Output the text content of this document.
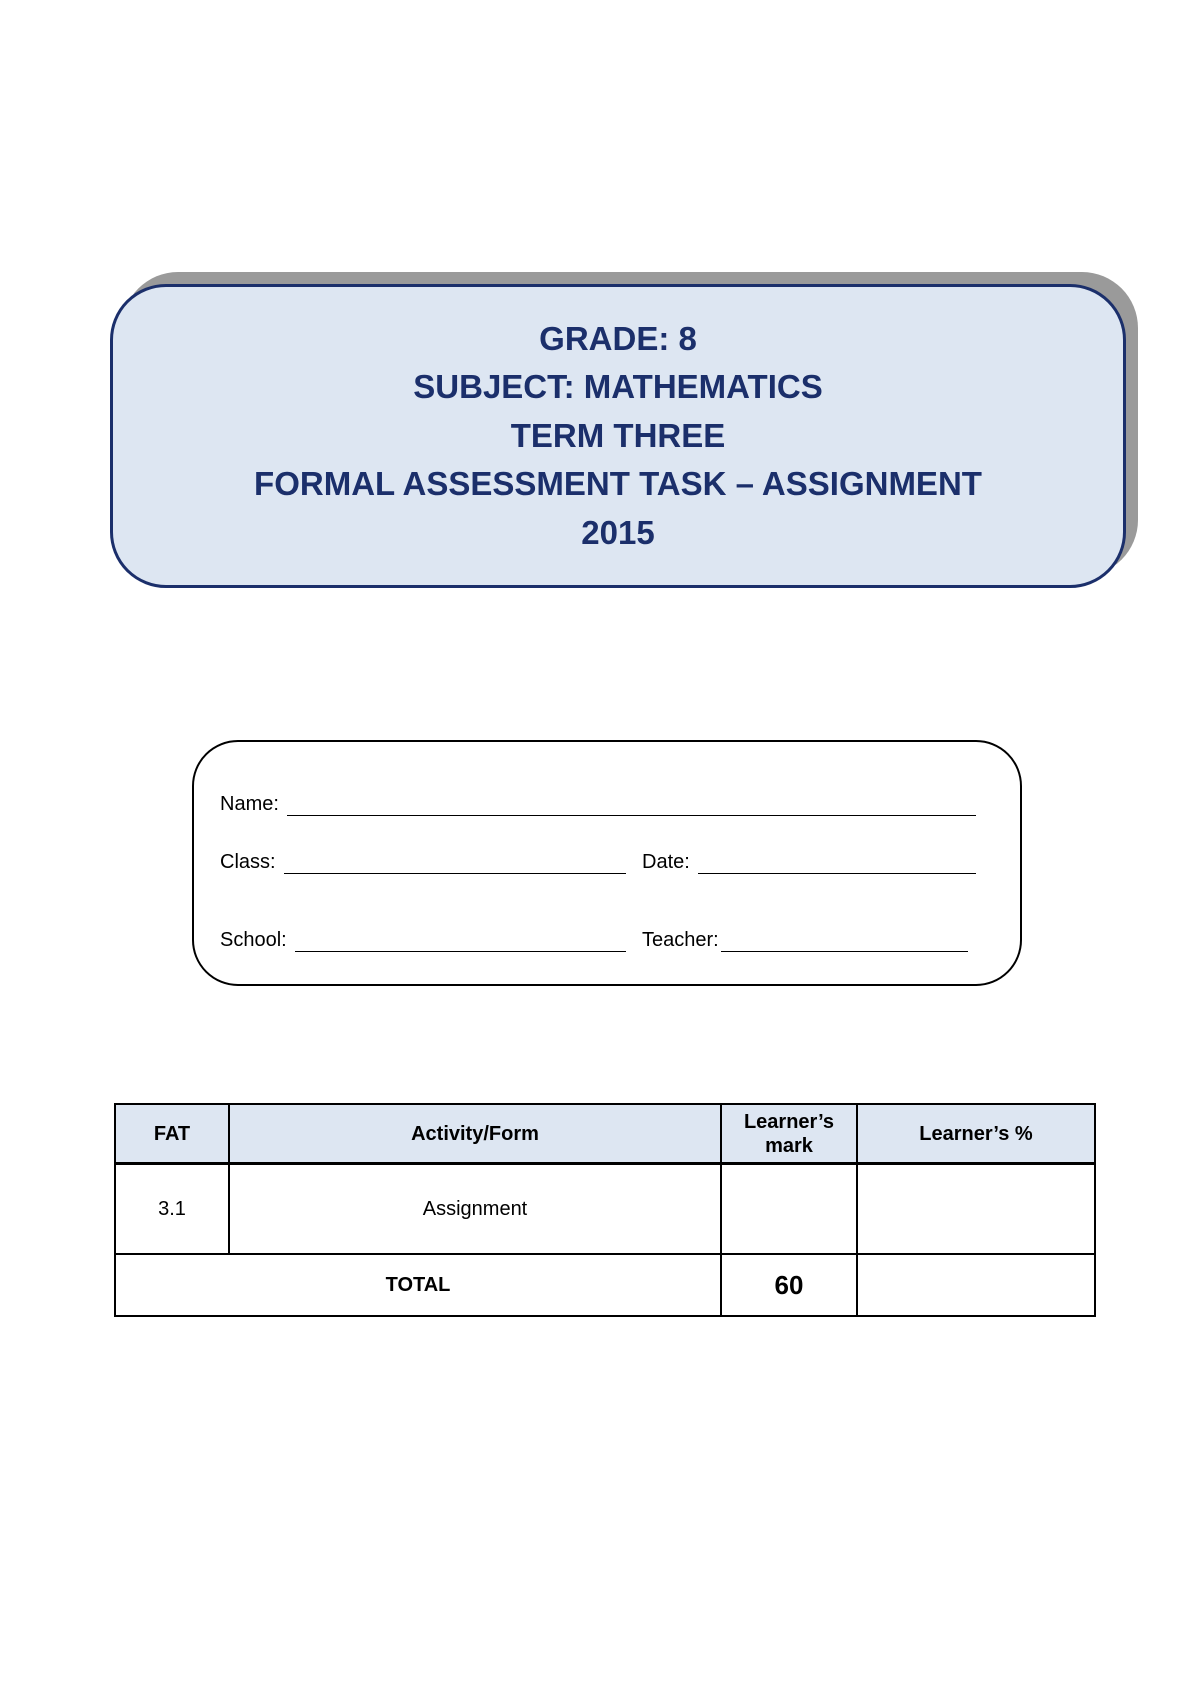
GRADE: 8
SUBJECT: MATHEMATICS
TERM THREE
FORMAL ASSESSMENT TASK – ASSIGNMENT
2015
Name:
Class:	Date:
School:	Teacher:
FAT	Activity/Form	Learner’s mark	Learner’s %
3.1	Assignment		
TOTAL		60	
